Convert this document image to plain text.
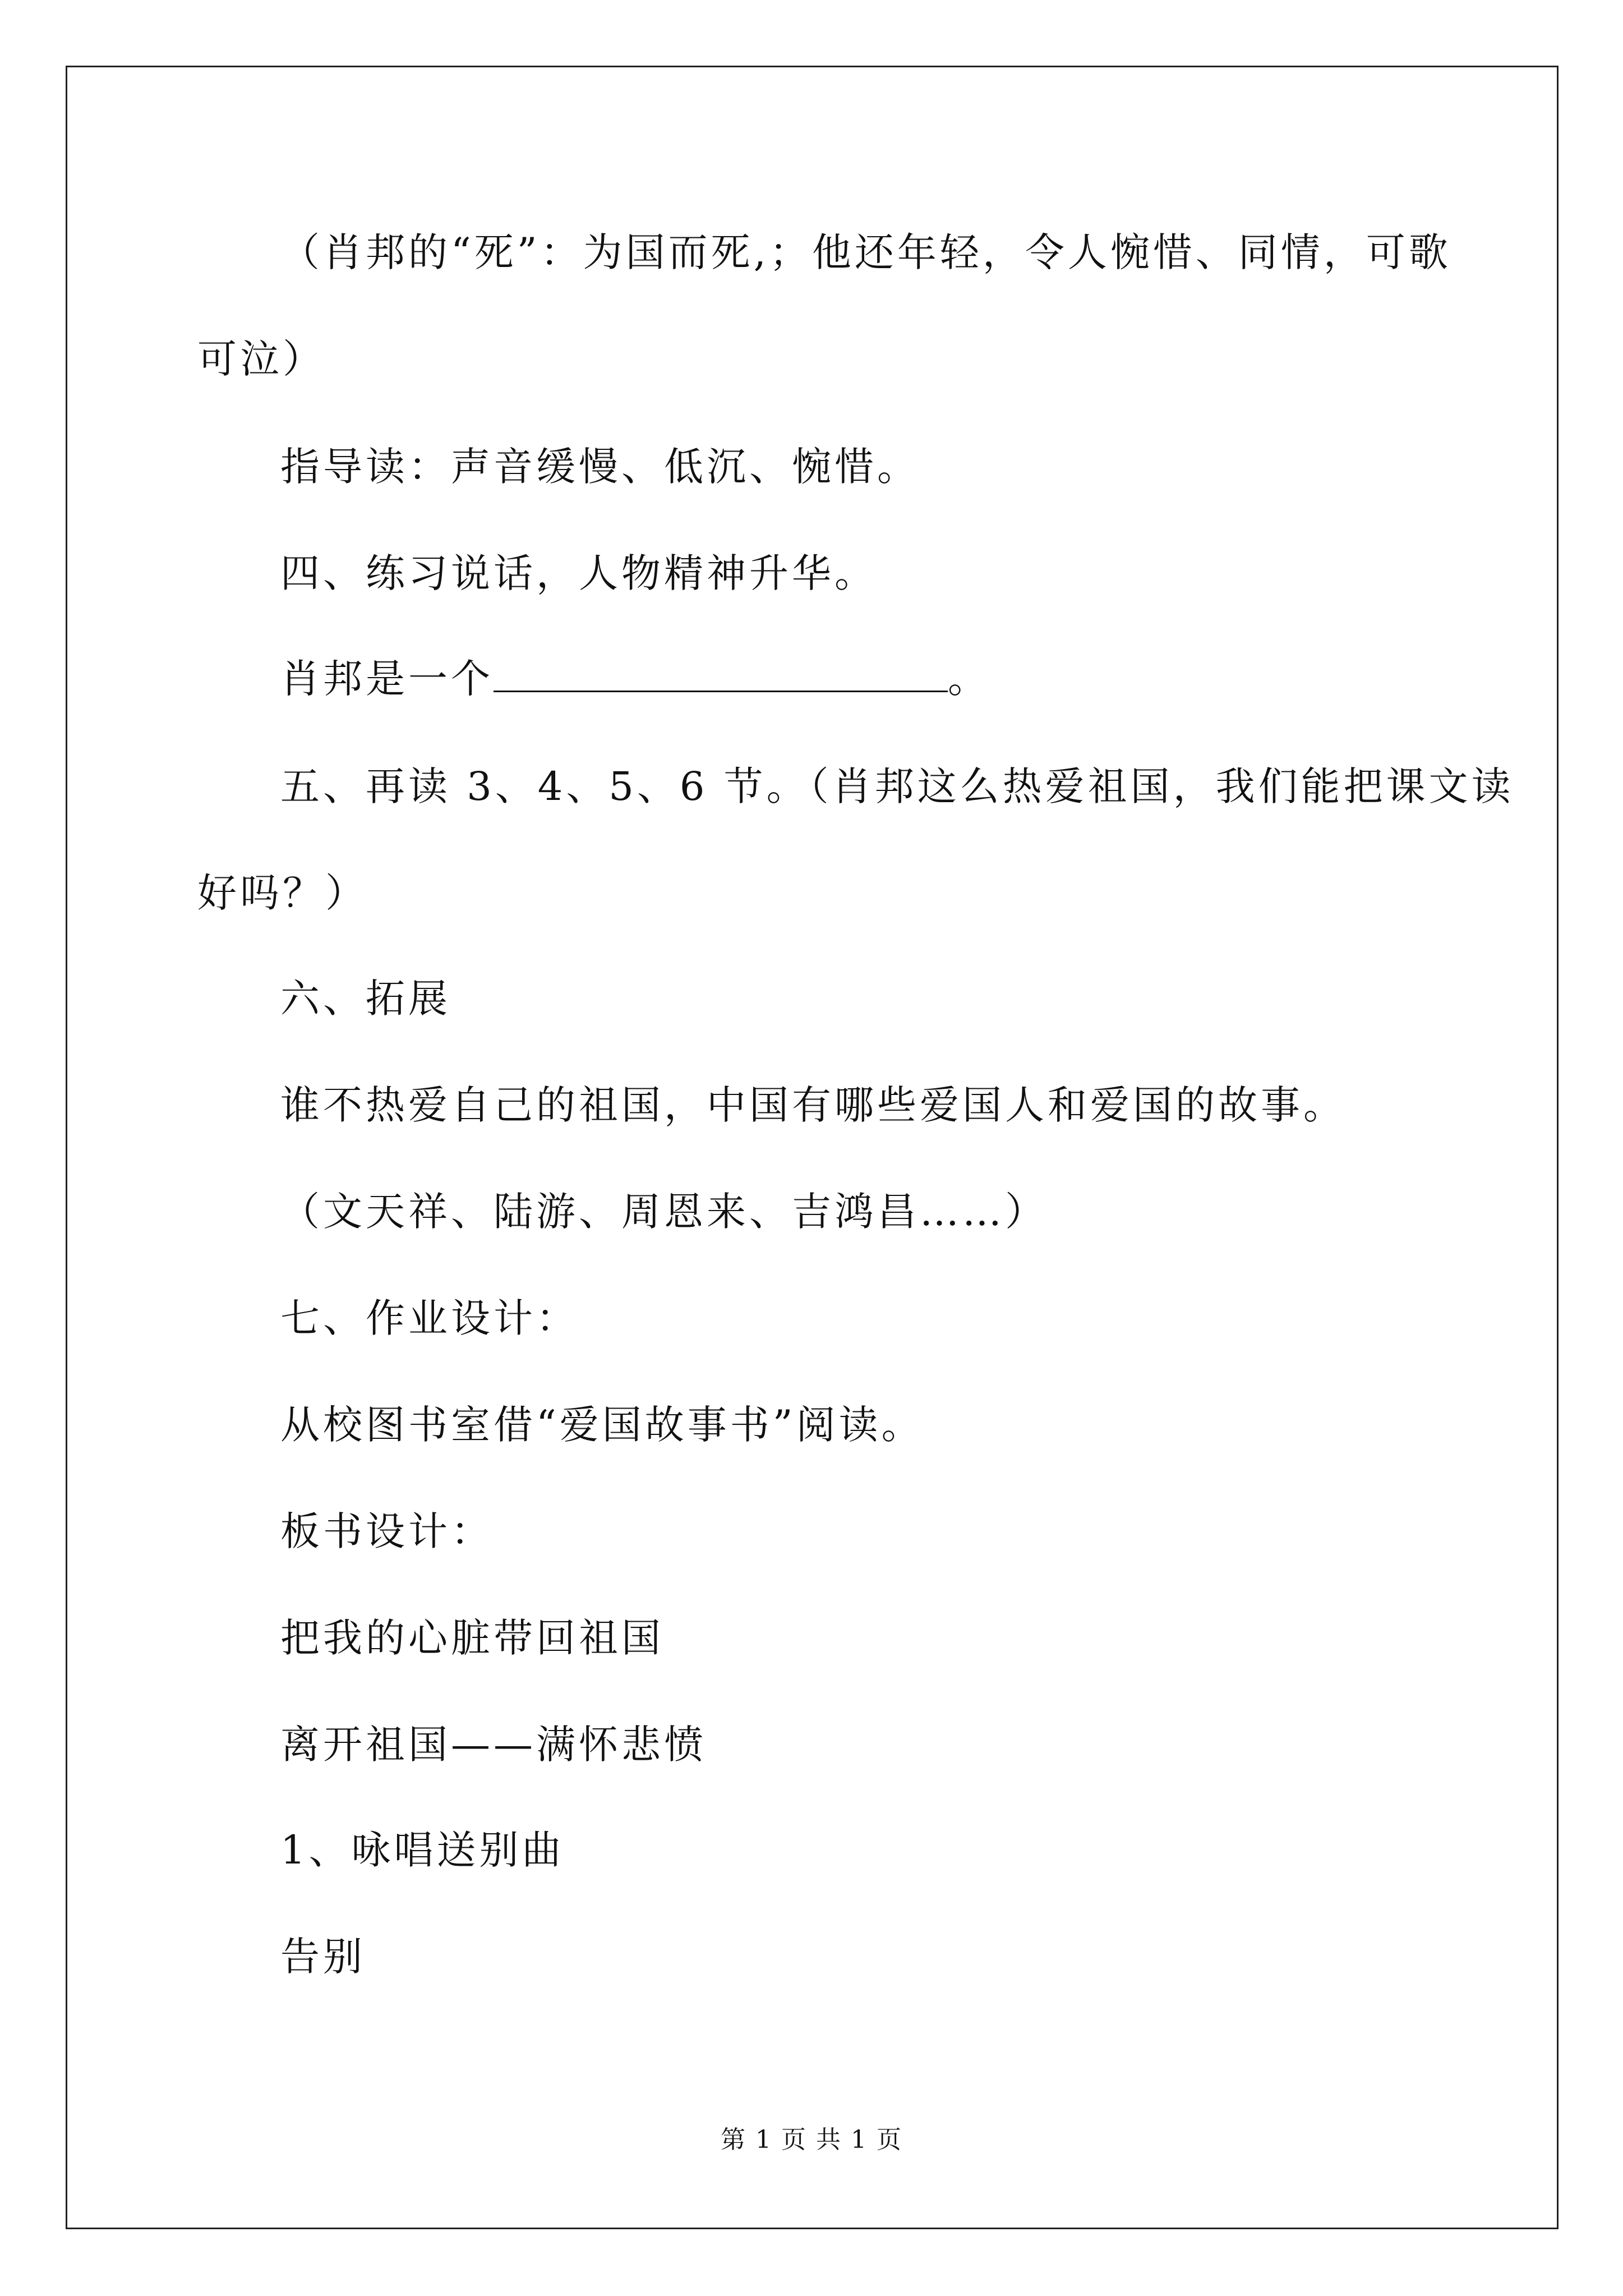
（肖邦的“死”：为国而死,；他还年轻，令人惋惜、同情，可歌
可泣）
指导读：声音缓慢、低沉、惋惜。
四、练习说话，人物精神升华。
肖邦是一个	。
五、再读 3、4、5、6 节。（肖邦这么热爱祖国，我们能把课文读
好吗？）
六、拓展
谁不热爱自己的祖国，中国有哪些爱国人和爱国的故事。
（文天祥、陆游、周恩来、吉鸿昌……）
七、作业设计：
从校图书室借“爱国故事书”阅读。
板书设计：
把我的心脏带回祖国
离开祖国——满怀悲愤
1、咏唱送别曲
告别
第 1 页 共 1 页
